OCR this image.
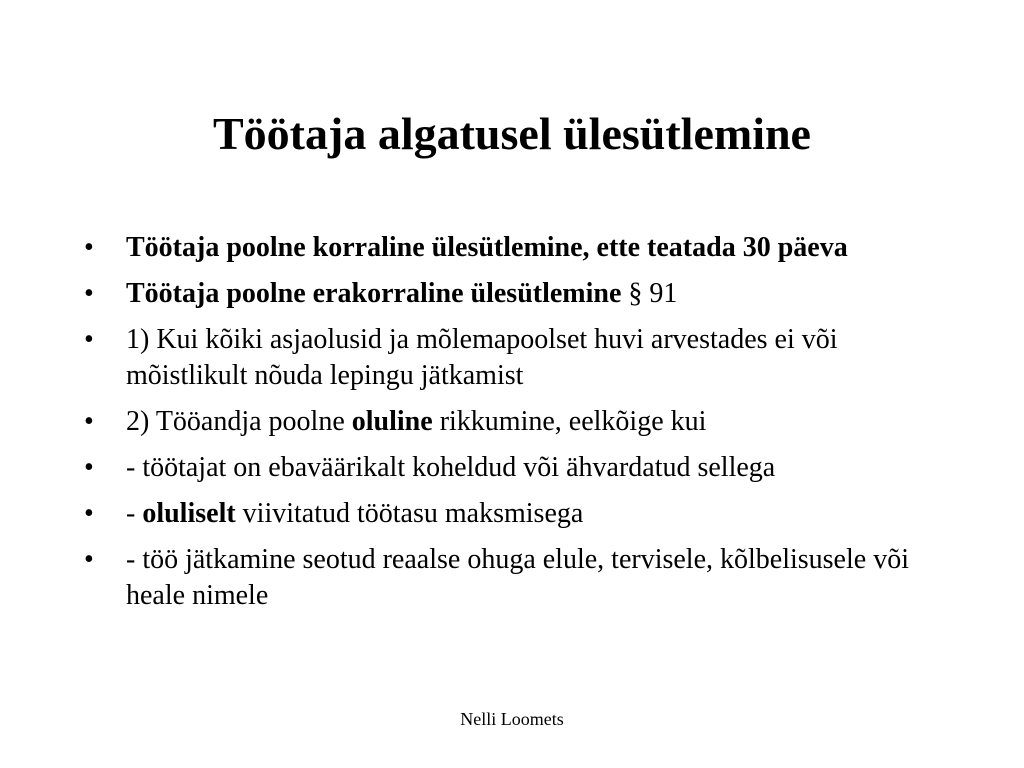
Töötaja algatusel ülesütlemine
•	Töötaja poolne korraline ülesütlemine, ette teatada 30 päeva
•	Töötaja poolne erakorraline ülesütlemine § 91
•	1) Kui kõiki asjaolusid ja mõlemapoolset huvi arvestades ei või mõistlikult nõuda lepingu jätkamist
•	2) Tööandja poolne oluline rikkumine, eelkõige kui
•	- töötajat on ebaväärikalt koheldud või ähvardatud sellega
•	- oluliselt viivitatud töötasu maksmisega
•	- töö jätkamine seotud reaalse ohuga elule, tervisele, kõlbelisusele või heale nimele
Nelli Loomets
